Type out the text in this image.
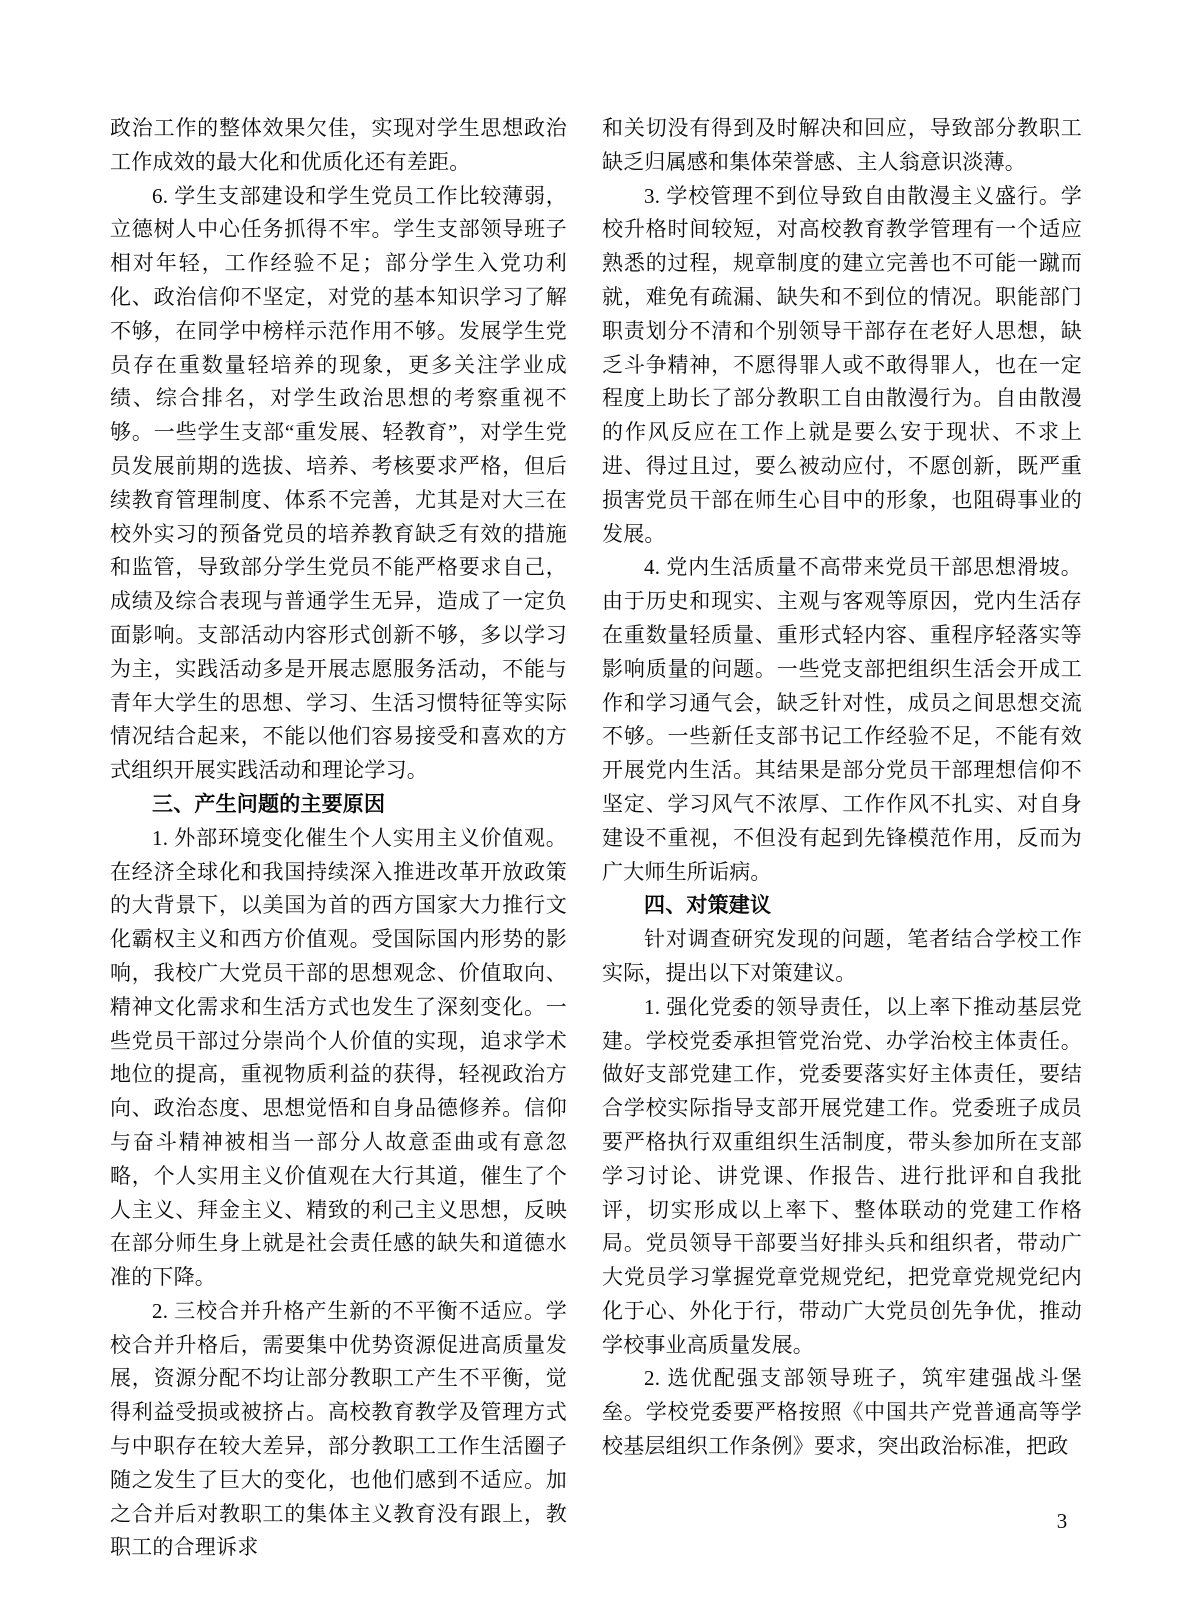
政治工作的整体效果欠佳，实现对学生思想政治工作成效的最大化和优质化还有差距。

6. 学生支部建设和学生党员工作比较薄弱，立德树人中心任务抓得不牢。学生支部领导班子相对年轻，工作经验不足；部分学生入党功利化、政治信仰不坚定，对党的基本知识学习了解不够，在同学中榜样示范作用不够。发展学生党员存在重数量轻培养的现象，更多关注学业成绩、综合排名，对学生政治思想的考察重视不够。一些学生支部“重发展、轻教育”，对学生党员发展前期的选拔、培养、考核要求严格，但后续教育管理制度、体系不完善，尤其是对大三在校外实习的预备党员的培养教育缺乏有效的措施和监管，导致部分学生党员不能严格要求自己，成绩及综合表现与普通学生无异，造成了一定负面影响。支部活动内容形式创新不够，多以学习为主，实践活动多是开展志愿服务活动，不能与青年大学生的思想、学习、生活习惯特征等实际情况结合起来，不能以他们容易接受和喜欢的方式组织开展实践活动和理论学习。

三、产生问题的主要原因

1. 外部环境变化催生个人实用主义价值观。在经济全球化和我国持续深入推进改革开放政策的大背景下，以美国为首的西方国家大力推行文化霸权主义和西方价值观。受国际国内形势的影响，我校广大党员干部的思想观念、价值取向、精神文化需求和生活方式也发生了深刻变化。一些党员干部过分崇尚个人价值的实现，追求学术地位的提高，重视物质利益的获得，轻视政治方向、政治态度、思想觉悟和自身品德修养。信仰与奋斗精神被相当一部分人故意歪曲或有意忽略，个人实用主义价值观在大行其道，催生了个人主义、拜金主义、精致的利己主义思想，反映在部分师生身上就是社会责任感的缺失和道德水准的下降。

2. 三校合并升格产生新的不平衡不适应。学校合并升格后，需要集中优势资源促进高质量发展，资源分配不均让部分教职工产生不平衡，觉得利益受损或被挤占。高校教育教学及管理方式与中职存在较大差异，部分教职工工作生活圈子随之发生了巨大的变化，也他们感到不适应。加之合并后对教职工的集体主义教育没有跟上，教职工的合理诉求

和关切没有得到及时解决和回应，导致部分教职工缺乏归属感和集体荣誉感、主人翁意识淡薄。

3. 学校管理不到位导致自由散漫主义盛行。学校升格时间较短，对高校教育教学管理有一个适应熟悉的过程，规章制度的建立完善也不可能一蹴而就，难免有疏漏、缺失和不到位的情况。职能部门职责划分不清和个别领导干部存在老好人思想，缺乏斗争精神，不愿得罪人或不敢得罪人，也在一定程度上助长了部分教职工自由散漫行为。自由散漫的作风反应在工作上就是要么安于现状、不求上进、得过且过，要么被动应付，不愿创新，既严重损害党员干部在师生心目中的形象，也阻碍事业的发展。

4. 党内生活质量不高带来党员干部思想滑坡。由于历史和现实、主观与客观等原因，党内生活存在重数量轻质量、重形式轻内容、重程序轻落实等影响质量的问题。一些党支部把组织生活会开成工作和学习通气会，缺乏针对性，成员之间思想交流不够。一些新任支部书记工作经验不足，不能有效开展党内生活。其结果是部分党员干部理想信仰不坚定、学习风气不浓厚、工作作风不扎实、对自身建设不重视，不但没有起到先锋模范作用，反而为广大师生所诟病。

四、对策建议

针对调查研究发现的问题，笔者结合学校工作实际，提出以下对策建议。

1. 强化党委的领导责任，以上率下推动基层党建。学校党委承担管党治党、办学治校主体责任。做好支部党建工作，党委要落实好主体责任，要结合学校实际指导支部开展党建工作。党委班子成员要严格执行双重组织生活制度，带头参加所在支部学习讨论、讲党课、作报告、进行批评和自我批评，切实形成以上率下、整体联动的党建工作格局。党员领导干部要当好排头兵和组织者，带动广大党员学习掌握党章党规党纪，把党章党规党纪内化于心、外化于行，带动广大党员创先争优，推动学校事业高质量发展。

2. 选优配强支部领导班子，筑牢建强战斗堡垒。学校党委要严格按照《中国共产党普通高等学校基层组织工作条例》要求，突出政治标准，把政

3
